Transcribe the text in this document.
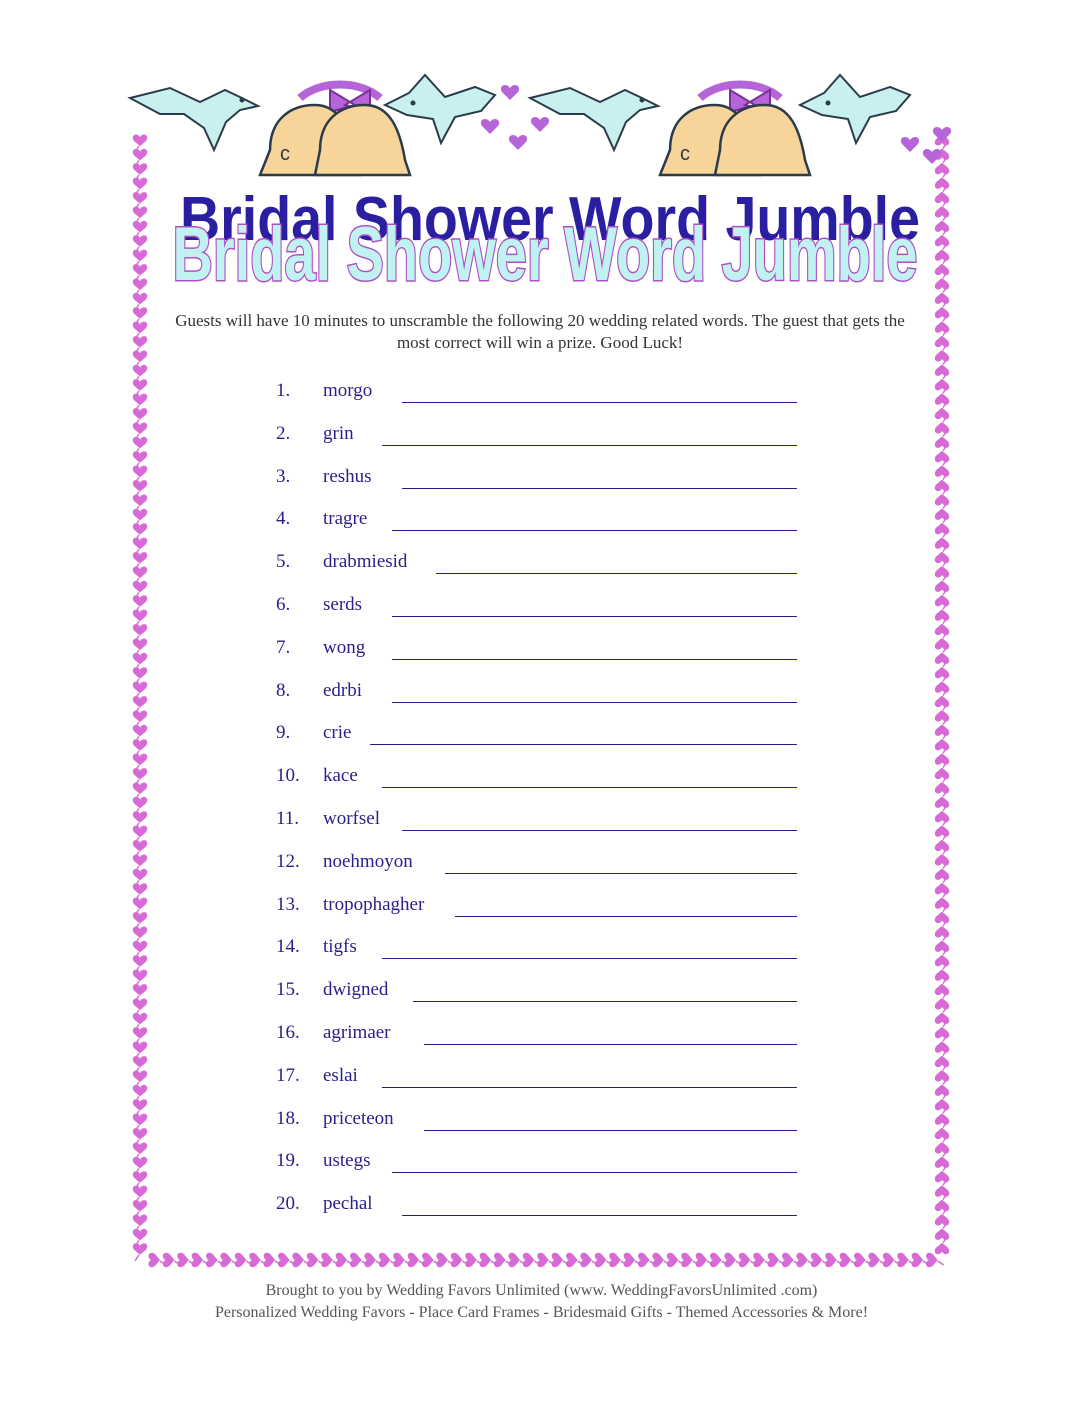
c	c
Bridal Shower Word Jumble
Bridal Shower Word Jumble
Guests will have 10 minutes to unscramble the following 20 wedding related words. The guest that gets the most correct will win a prize. Good Luck!
1. morgo
2. grin
3. reshus
4. tragre
5. drabmiesid
6. serds
7. wong
8. edrbi
9. crie
10. kace
11. worfsel
12. noehmoyon
13. tropophagher
14. tigfs
15. dwigned
16. agrimaer
17. eslai
18. priceteon
19. ustegs
20. pechal
Brought to you by Wedding Favors Unlimited (www. WeddingFavorsUnlimited .com)
Personalized Wedding Favors - Place Card Frames - Bridesmaid Gifts - Themed Accessories & More!
